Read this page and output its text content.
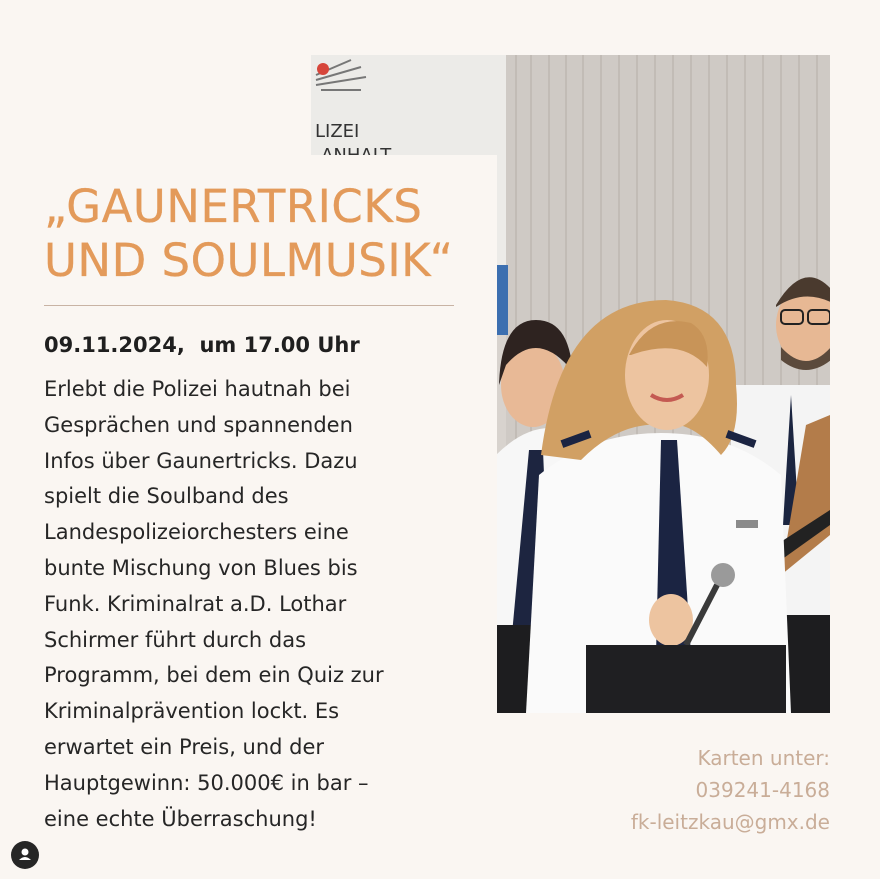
LIZEI
„GAUNERTRICKS
UND SOULMUSIK“
09.11.2024,  um 17.00 Uhr
Erlebt die Polizei hautnah bei
Gesprächen und spannenden
Infos über Gaunertricks. Dazu
spielt die Soulband des
Landespolizeiorchesters eine
bunte Mischung von Blues bis
Funk. Kriminalrat a.D. Lothar
Schirmer führt durch das
Programm, bei dem ein Quiz zur
Kriminalprävention lockt. Es
erwartet ein Preis, und der
Hauptgewinn: 50.000€ in bar –
eine echte Überraschung!
Karten unter:
039241-4168
fk-leitzkau@gmx.de
